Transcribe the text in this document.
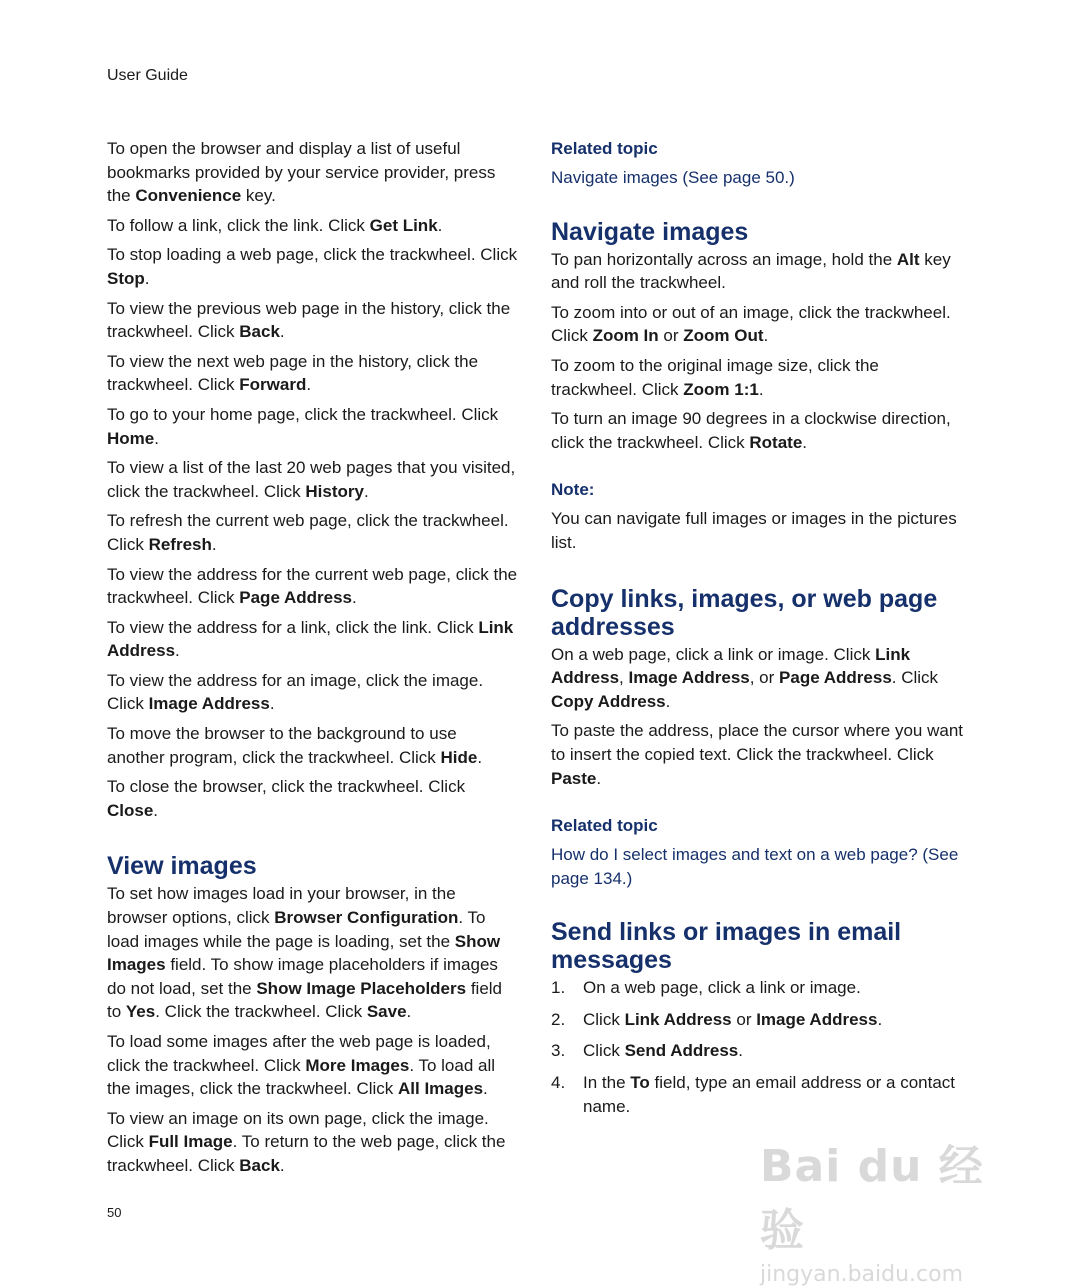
User Guide

To open the browser and display a list of useful bookmarks provided by your service provider, press the Convenience key.

To follow a link, click the link. Click Get Link.

To stop loading a web page, click the trackwheel. Click Stop.

To view the previous web page in the history, click the trackwheel. Click Back.

To view the next web page in the history, click the trackwheel. Click Forward.

To go to your home page, click the trackwheel. Click Home.

To view a list of the last 20 web pages that you visited, click the trackwheel. Click History.

To refresh the current web page, click the trackwheel. Click Refresh.

To view the address for the current web page, click the trackwheel. Click Page Address.

To view the address for a link, click the link. Click Link Address.

To view the address for an image, click the image. Click Image Address.

To move the browser to the background to use another program, click the trackwheel. Click Hide.

To close the browser, click the trackwheel. Click Close.

View images

To set how images load in your browser, in the browser options, click Browser Configuration. To load images while the page is loading, set the Show Images field. To show image placeholders if images do not load, set the Show Image Placeholders field to Yes. Click the trackwheel. Click Save.

To load some images after the web page is loaded, click the trackwheel. Click More Images. To load all the images, click the trackwheel. Click All Images.

To view an image on its own page, click the image. Click Full Image. To return to the web page, click the trackwheel. Click Back.

Related topic
Navigate images (See page 50.)
Navigate images

To pan horizontally across an image, hold the Alt key and roll the trackwheel.

To zoom into or out of an image, click the trackwheel. Click Zoom In or Zoom Out.

To zoom to the original image size, click the trackwheel. Click Zoom 1:1.

To turn an image 90 degrees in a clockwise direction, click the trackwheel. Click Rotate.

Note:

You can navigate full images or images in the pictures list.

Copy links, images, or web page addresses

On a web page, click a link or image. Click Link Address, Image Address, or Page Address. Click Copy Address.

To paste the address, place the cursor where you want to insert the copied text. Click the trackwheel. Click Paste.

Related topic
How do I select images and text on a web page? (See page 134.)
Send links or images in email messages
1. On a web page, click a link or image.
2. Click Link Address or Image Address.
3. Click Send Address.
4. In the To field, type an email address or a contact name.
50
Bai du 经验
jingyan.baidu.com
